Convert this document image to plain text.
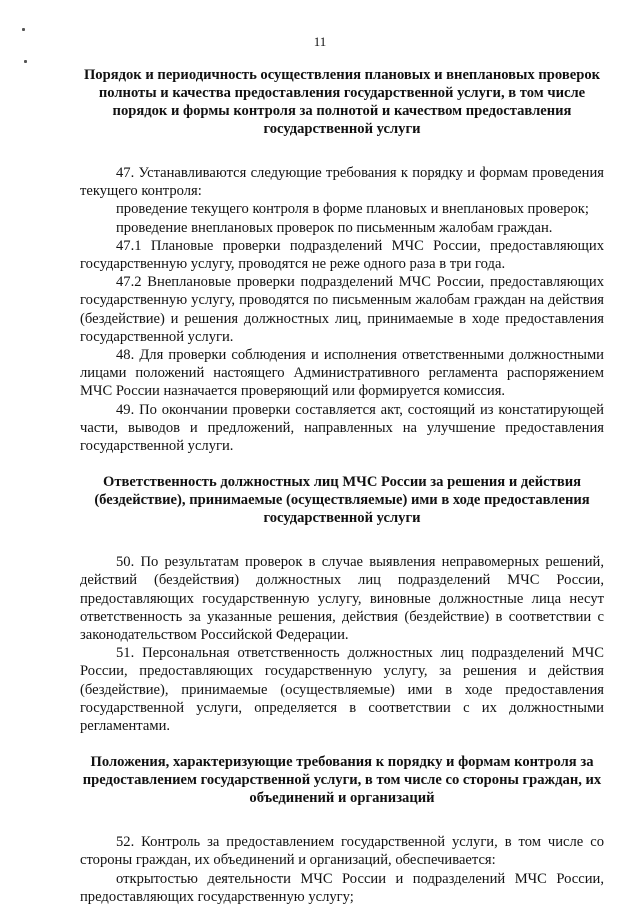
11

Порядок и периодичность осуществления плановых и внеплановых проверок полноты и качества предоставления государственной услуги, в том числе порядок и формы контроля за полнотой и качеством предоставления государственной услуги

47. Устанавливаются следующие требования к порядку и формам проведения текущего контроля:

проведение текущего контроля в форме плановых и внеплановых проверок;

проведение внеплановых проверок по письменным жалобам граждан.

47.1 Плановые проверки подразделений МЧС России, предоставляющих государственную услугу, проводятся не реже одного раза в три года.

47.2 Внеплановые проверки подразделений МЧС России, предоставляющих государственную услугу, проводятся по письменным жалобам граждан на действия (бездействие) и решения должностных лиц, принимаемые в ходе предоставления государственной услуги.

48. Для проверки соблюдения и исполнения ответственными должностными лицами положений настоящего Административного регламента распоряжением МЧС России назначается проверяющий или формируется комиссия.

49. По окончании проверки составляется акт, состоящий из констатирующей части, выводов и предложений, направленных на улучшение предоставления государственной услуги.

Ответственность должностных лиц МЧС России за решения и действия (бездействие), принимаемые (осуществляемые) ими в ходе предоставления государственной услуги

50. По результатам проверок в случае выявления неправомерных решений, действий (бездействия) должностных лиц подразделений МЧС России, предоставляющих государственную услугу, виновные должностные лица несут ответственность за указанные решения, действия (бездействие) в соответствии с законодательством Российской Федерации.

51. Персональная ответственность должностных лиц подразделений МЧС России, предоставляющих государственную услугу, за решения и действия (бездействие), принимаемые (осуществляемые) ими в ходе предоставления государственной услуги, определяется в соответствии с их должностными регламентами.

Положения, характеризующие требования к порядку и формам контроля за предоставлением государственной услуги, в том числе со стороны граждан, их объединений и организаций

52. Контроль за предоставлением государственной услуги, в том числе со стороны граждан, их объединений и организаций, обеспечивается:

открытостью деятельности МЧС России и подразделений МЧС России, предоставляющих государственную услугу;
